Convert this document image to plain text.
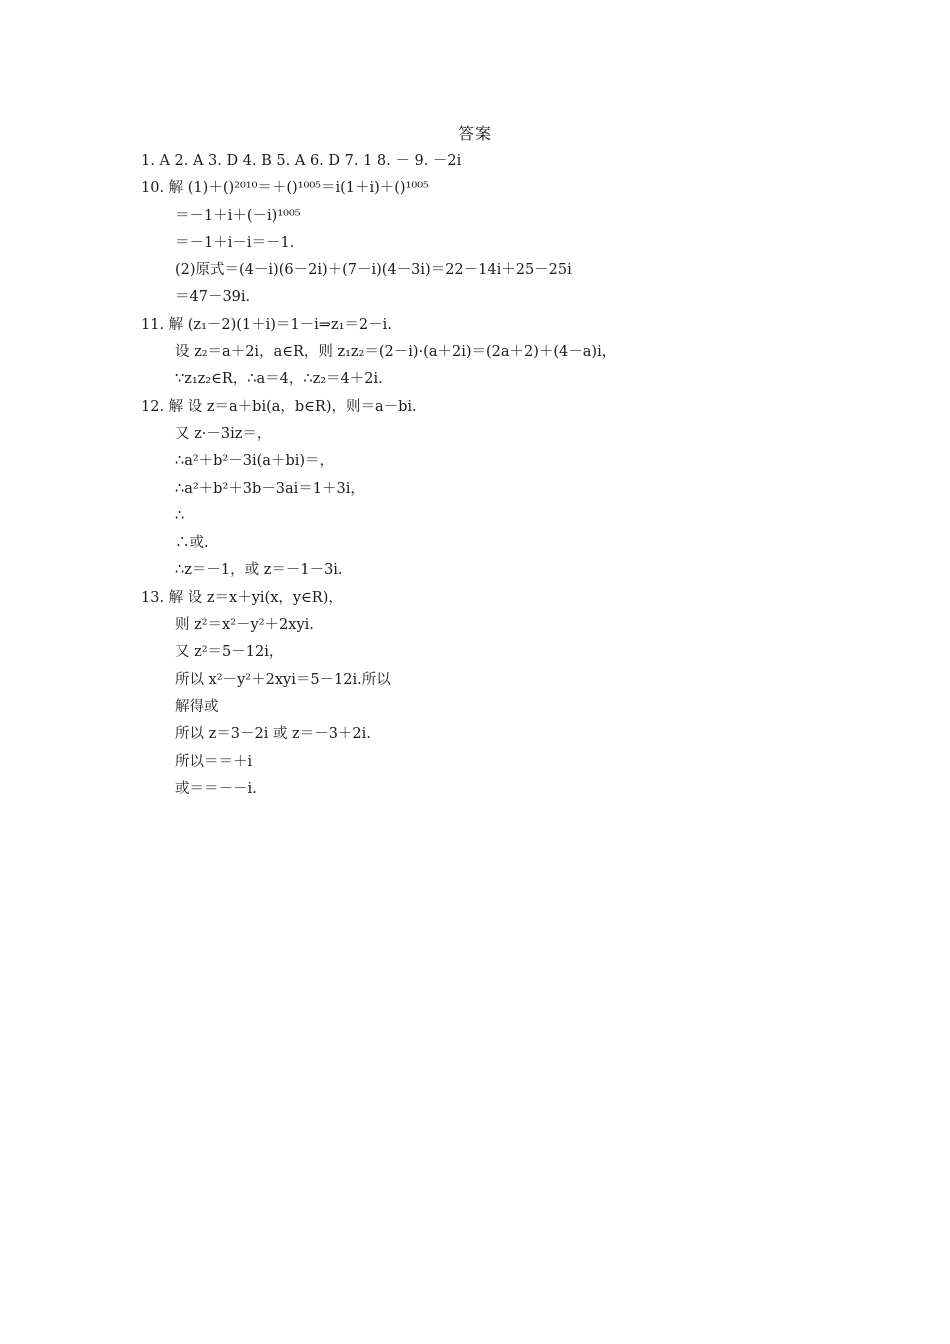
答案
1. A 2. A 3. D 4. B 5. A 6. D 7. 1 8. － 9. －2i
10. 解 (1)＋()²⁰¹⁰＝＋()¹⁰⁰⁵＝i(1＋i)＋()¹⁰⁰⁵
＝－1＋i＋(－i)¹⁰⁰⁵
＝－1＋i－i＝－1.
(2)原式＝(4－i)(6－2i)＋(7－i)(4－3i)＝22－14i＋25－25i
＝47－39i.
11. 解 (z₁－2)(1＋i)＝1－i⇒z₁＝2－i.
设 z₂＝a＋2i，a∈R，则 z₁z₂＝(2－i)·(a＋2i)＝(2a＋2)＋(4－a)i，
∵z₁z₂∈R，∴a＝4，∴z₂＝4＋2i.
12. 解 设 z＝a＋bi(a，b∈R)，则＝a－bi.
又 z·－3iz＝，
∴a²＋b²－3i(a＋bi)＝，
∴a²＋b²＋3b－3ai＝1＋3i，
∴
∴或.
∴z＝－1，或 z＝－1－3i.
13. 解 设 z＝x＋yi(x，y∈R)，
则 z²＝x²－y²＋2xyi.
又 z²＝5－12i，
所以 x²－y²＋2xyi＝5－12i.所以
解得或
所以 z＝3－2i 或 z＝－3＋2i.
所以＝＝＋i
或＝＝－－i.
